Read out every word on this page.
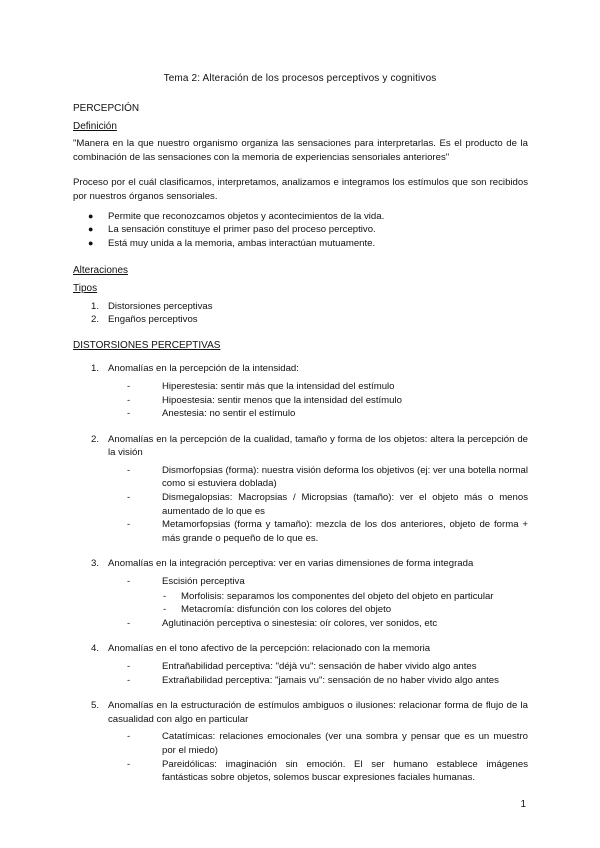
Tema 2: Alteración de los procesos perceptivos y cognitivos

PERCEPCIÓN

Definición

"Manera en la que nuestro organismo organiza las sensaciones para interpretarlas. Es el producto de la combinación de las sensaciones con la memoria de experiencias sensoriales anteriores"

Proceso por el cuál clasificamos, interpretamos, analizamos e integramos los estímulos que son recibidos por nuestros órganos sensoriales.

● Permite que reconozcamos objetos y acontecimientos de la vida.
● La sensación constituye el primer paso del proceso perceptivo.
● Está muy unida a la memoria, ambas interactúan mutuamente.

Alteraciones

Tipos

1. Distorsiones perceptivas
2. Engaños perceptivos

DISTORSIONES PERCEPTIVAS

1. Anomalías en la percepción de la intensidad:
-	Hiperestesia: sentir más que la intensidad del estímulo
-	Hipoestesia: sentir menos que la intensidad del estímulo
-	Anestesia: no sentir el estímulo
2. Anomalías en la percepción de la cualidad, tamaño y forma de los objetos: altera la percepción de la visión
-	Dismorfopsias (forma): nuestra visión deforma los objetivos (ej: ver una botella normal como si estuviera doblada)
-	Dismegalopsias: Macropsias / Micropsias (tamaño): ver el objeto más o menos aumentado de lo que es
-	Metamorfopsias (forma y tamaño): mezcla de los dos anteriores, objeto de forma + más grande o pequeño de lo que es.
3. Anomalías en la integración perceptiva: ver en varias dimensiones de forma integrada
-	Escisión perceptiva
- Morfolisis: separamos los componentes del objeto del objeto en particular
- Metacromía: disfunción con los colores del objeto
-	Aglutinación perceptiva o sinestesia: oír colores, ver sonidos, etc
4. Anomalías en el tono afectivo de la percepción: relacionado con la memoria
-	Entrañabilidad perceptiva: "déjà vu": sensación de haber vivido algo antes
-	Extrañabilidad perceptiva: "jamais vu": sensación de no haber vivido algo antes
5. Anomalías en la estructuración de estímulos ambiguos o ilusiones: relacionar forma de flujo de la casualidad con algo en particular
-	Catatímicas: relaciones emocionales (ver una sombra y pensar que es un muestro por el miedo)
-	Pareidólicas: imaginación sin emoción. El ser humano establece imágenes fantásticas sobre objetos, solemos buscar expresiones faciales humanas.
1
